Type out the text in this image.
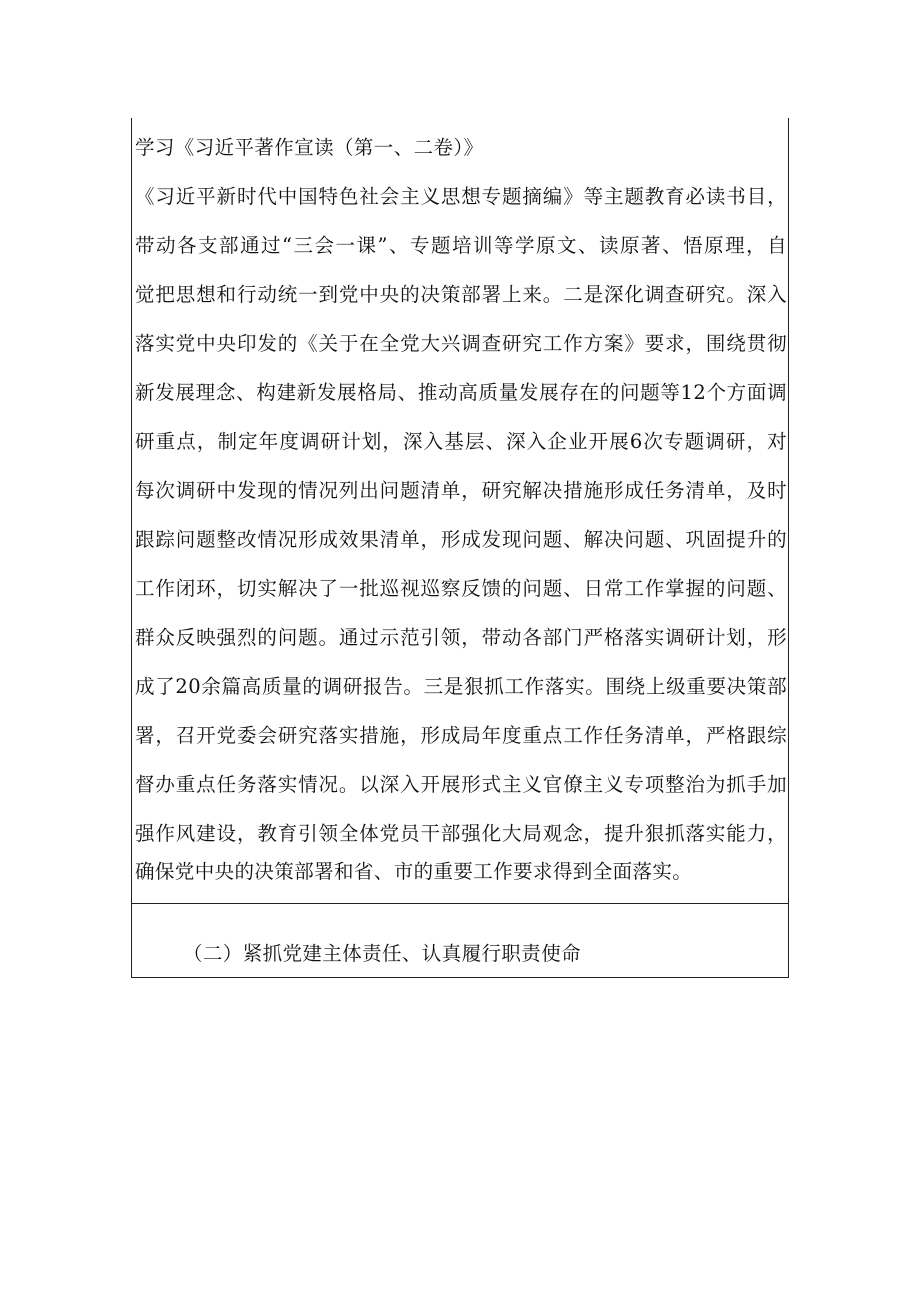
学习《习近平著作宣读（第一、二卷）》
《习近平新时代中国特色社会主义思想专题摘编》等主题教育必读书目，
带动各支部通过“三会一课”、专题培训等学原文、读原著、悟原理，自
觉把思想和行动统一到党中央的决策部署上来。二是深化调查研究。深入
落实党中央印发的《关于在全党大兴调查研究工作方案》要求，围绕贯彻
新发展理念、构建新发展格局、推动高质量发展存在的问题等12个方面调
研重点，制定年度调研计划，深入基层、深入企业开展6次专题调研，对
每次调研中发现的情况列出问题清单，研究解决措施形成任务清单，及时
跟踪问题整改情况形成效果清单，形成发现问题、解决问题、巩固提升的
工作闭环，切实解决了一批巡视巡察反馈的问题、日常工作掌握的问题、
群众反映强烈的问题。通过示范引领，带动各部门严格落实调研计划，形
成了20余篇高质量的调研报告。三是狠抓工作落实。围绕上级重要决策部
署，召开党委会研究落实措施，形成局年度重点工作任务清单，严格跟综
督办重点任务落实情况。以深入开展形式主义官僚主义专项整治为抓手加
强作风建设，教育引领全体党员干部强化大局观念，提升狠抓落实能力，
确保党中央的决策部署和省、市的重要工作要求得到全面落实。
（二）紧抓党建主体责任、认真履行职责使命
